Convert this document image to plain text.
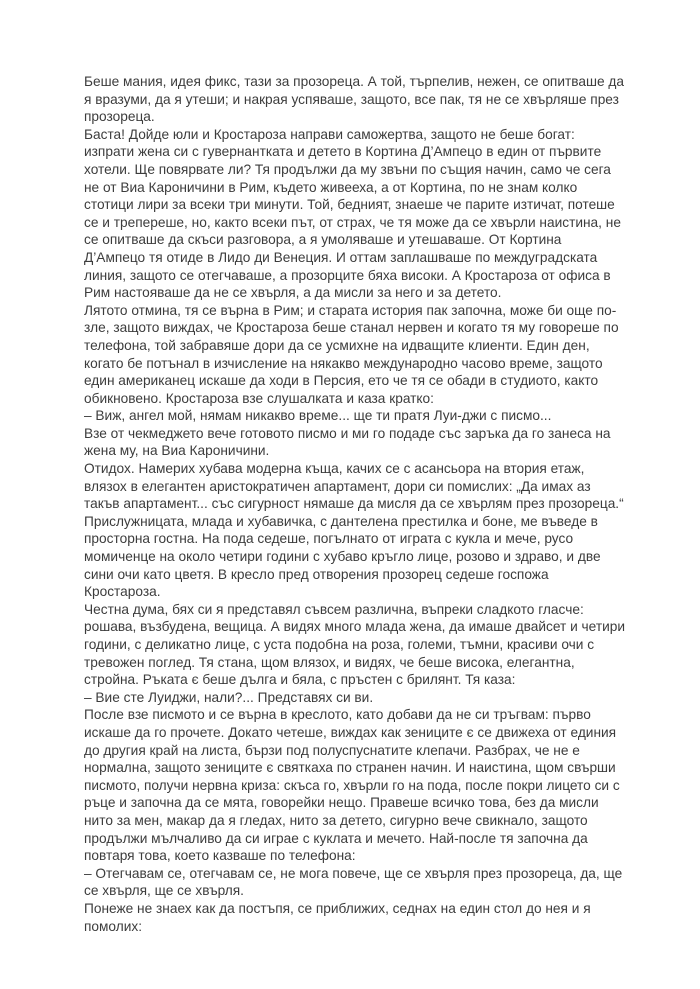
Беше мания, идея фикс, тази за прозореца. А той, търпелив, нежен, се опитваше да я вразуми, да я утеши; и накрая успяваше, защото, все пак, тя не се хвърляше през прозореца.

Баста! Дойде юли и Кростароза направи саможертва, защото не беше богат: изпрати жена си с гувернантката и детето в Кортина Д’Ампецо в един от първите хотели. Ще повярвате ли? Тя продължи да му звъни по същия начин, само че сега не от Виа Кароничини в Рим, където живееха, а от Кортина, по не знам колко стотици лири за всеки три минути. Той, бедният, знаеше че парите изтичат, потеше се и трепереше, но, както всеки път, от страх, че тя може да се хвърли наистина, не се опитваше да скъси разговора, а я умоляваше и утешаваше. От Кортина Д’Ампецо тя отиде в Лидо ди Венеция. И оттам заплашваше по междуградската линия, защото се отегчаваше, а прозорците бяха високи. А Кростароза от офиса в Рим настояваше да не се хвърля, а да мисли за него и за детето.

Лятото отмина, тя се върна в Рим; и старата история пак започна, може би още по-зле, защото виждах, че Кростароза беше станал нервен и когато тя му говореше по телефона, той забравяше дори да се усмихне на идващите клиенти. Един ден, когато бе потънал в изчисление на някакво международно часово време, защото един американец искаше да ходи в Персия, ето че тя се обади в студиото, както обикновено. Кростароза взе слушалката и каза кратко:

– Виж, ангел мой, нямам никакво време... ще ти пратя Луи-джи с писмо...

Взе от чекмеджето вече готовото писмо и ми го подаде със заръка да го занеса на жена му, на Виа Кароничини.

Отидох. Намерих хубава модерна къща, качих се с асансьора на втория етаж, влязох в елегантен аристократичен апартамент, дори си помислих: „Да имах аз такъв апартамент... със сигурност нямаше да мисля да се хвърлям през прозореца.“ Прислужницата, млада и хубавичка, с дантелена престилка и боне, ме въведе в просторна гостна. На пода седеше, погълнато от играта с кукла и мече, русо момиченце на около четири години с хубаво кръгло лице, розово и здраво, и две сини очи като цветя. В кресло пред отворения прозорец седеше госпожа Кростароза.

Честна дума, бях си я представял съвсем различна, въпреки сладкото гласче: рошава, възбудена, вещица. А видях много млада жена, да имаше двайсет и четири години, с деликатно лице, с уста подобна на роза, големи, тъмни, красиви очи с тревожен поглед. Тя стана, щом влязох, и видях, че беше висока, елегантна, стройна. Ръката є беше дълга и бяла, с пръстен с брилянт. Тя каза:

– Вие сте Луиджи, нали?... Представях си ви.

После взе писмото и се върна в креслото, като добави да не си тръгвам: първо искаше да го прочете. Докато четеше, виждах как зениците є се движеха от единия до другия край на листа, бързи под полуспуснатите клепачи. Разбрах, че не е нормална, защото зениците є святкаха по странен начин. И наистина, щом свърши писмото, получи нервна криза: скъса го, хвърли го на пода, после покри лицето си с ръце и започна да се мята, говорейки нещо. Правеше всичко това, без да мисли нито за мен, макар да я гледах, нито за детето, сигурно вече свикнало, защото продължи мълчаливо да си играе с куклата и мечето. Най-после тя започна да повтаря това, което казваше по телефона:

– Отегчавам се, отегчавам се, не мога повече, ще се хвърля през прозореца, да, ще се хвърля, ще се хвърля.

Понеже не знаех как да постъпя, се приближих, седнах на един стол до нея и я помолих:
